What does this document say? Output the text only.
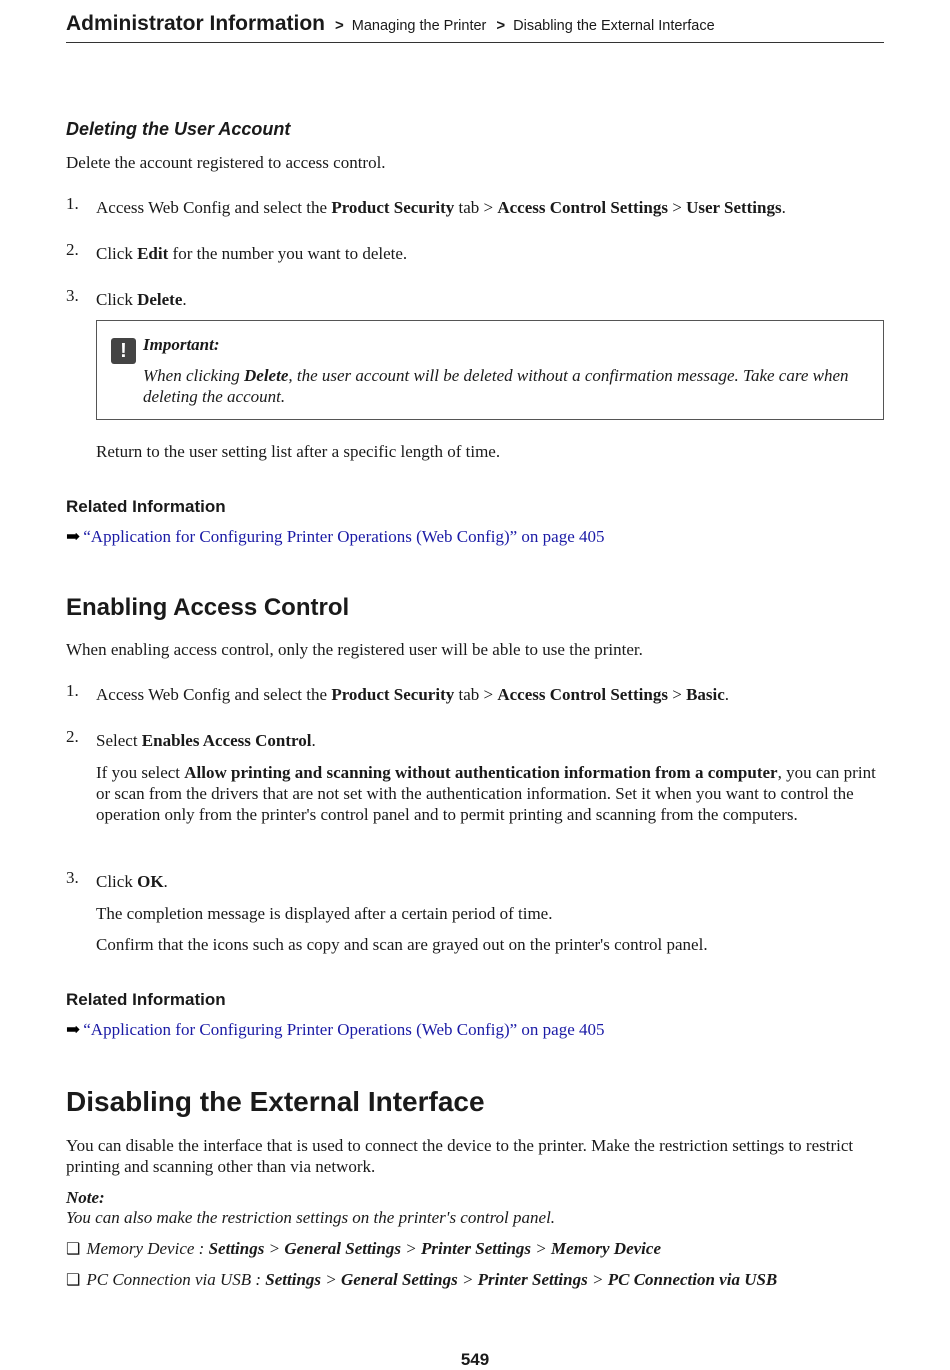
Administrator Information > Managing the Printer > Disabling the External Interface
Deleting the User Account
Delete the account registered to access control.
1. Access Web Config and select the Product Security tab > Access Control Settings > User Settings.
2. Click Edit for the number you want to delete.
3. Click Delete.
! Important:
When clicking Delete, the user account will be deleted without a confirmation message. Take care when deleting the account.
Return to the user setting list after a specific length of time.
Related Information
➡ “Application for Configuring Printer Operations (Web Config)” on page 405
Enabling Access Control
When enabling access control, only the registered user will be able to use the printer.
1. Access Web Config and select the Product Security tab > Access Control Settings > Basic.
2. Select Enables Access Control.
If you select Allow printing and scanning without authentication information from a computer, you can print or scan from the drivers that are not set with the authentication information. Set it when you want to control the operation only from the printer's control panel and to permit printing and scanning from the computers.
3. Click OK.
The completion message is displayed after a certain period of time.
Confirm that the icons such as copy and scan are grayed out on the printer's control panel.
Related Information
➡ “Application for Configuring Printer Operations (Web Config)” on page 405
Disabling the External Interface
You can disable the interface that is used to connect the device to the printer. Make the restriction settings to restrict printing and scanning other than via network.
Note:
You can also make the restriction settings on the printer's control panel.
❑ Memory Device : Settings > General Settings > Printer Settings > Memory Device
❑ PC Connection via USB : Settings > General Settings > Printer Settings > PC Connection via USB
549
